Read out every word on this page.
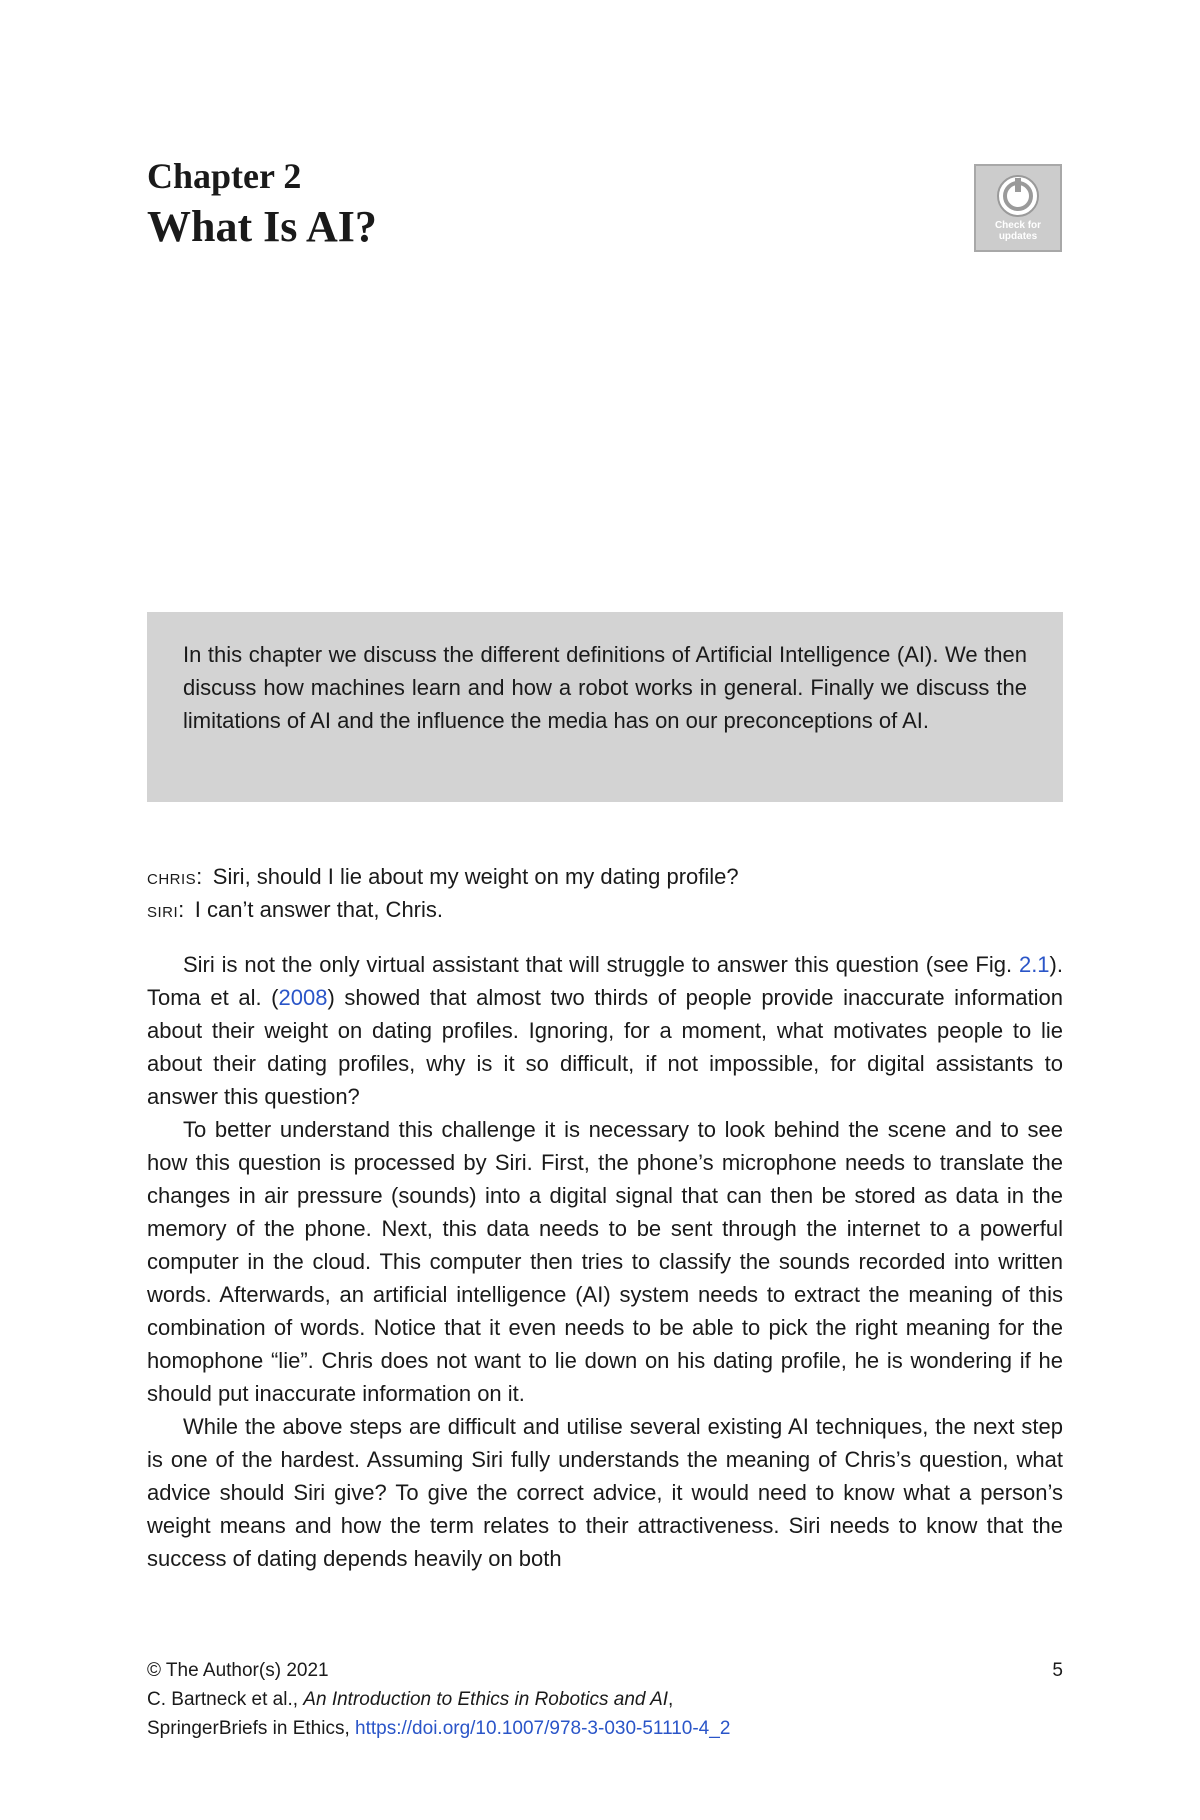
Chapter 2
What Is AI?	Check for
updates
In this chapter we discuss the different definitions of Artificial Intelligence (AI). We then discuss how machines learn and how a robot works in general. Finally we discuss the limitations of AI and the influence the media has on our preconceptions of AI.
chris: Siri, should I lie about my weight on my dating profile?
siri: I can’t answer that, Chris.

Siri is not the only virtual assistant that will struggle to answer this question (see Fig. 2.1). Toma et al. (2008) showed that almost two thirds of people provide inaccurate information about their weight on dating profiles. Ignoring, for a moment, what motivates people to lie about their dating profiles, why is it so difficult, if not impossible, for digital assistants to answer this question?

To better understand this challenge it is necessary to look behind the scene and to see how this question is processed by Siri. First, the phone’s microphone needs to translate the changes in air pressure (sounds) into a digital signal that can then be stored as data in the memory of the phone. Next, this data needs to be sent through the internet to a powerful computer in the cloud. This computer then tries to classify the sounds recorded into written words. Afterwards, an artificial intelligence (AI) system needs to extract the meaning of this combination of words. Notice that it even needs to be able to pick the right meaning for the homophone “lie”. Chris does not want to lie down on his dating profile, he is wondering if he should put inaccurate information on it.

While the above steps are difficult and utilise several existing AI techniques, the next step is one of the hardest. Assuming Siri fully understands the meaning of Chris’s question, what advice should Siri give? To give the correct advice, it would need to know what a person’s weight means and how the term relates to their attractiveness. Siri needs to know that the success of dating depends heavily on both

© The Author(s) 2021	5
C. Bartneck et al., An Introduction to Ethics in Robotics and AI,
SpringerBriefs in Ethics, https://doi.org/10.1007/978-3-030-51110-4_2
